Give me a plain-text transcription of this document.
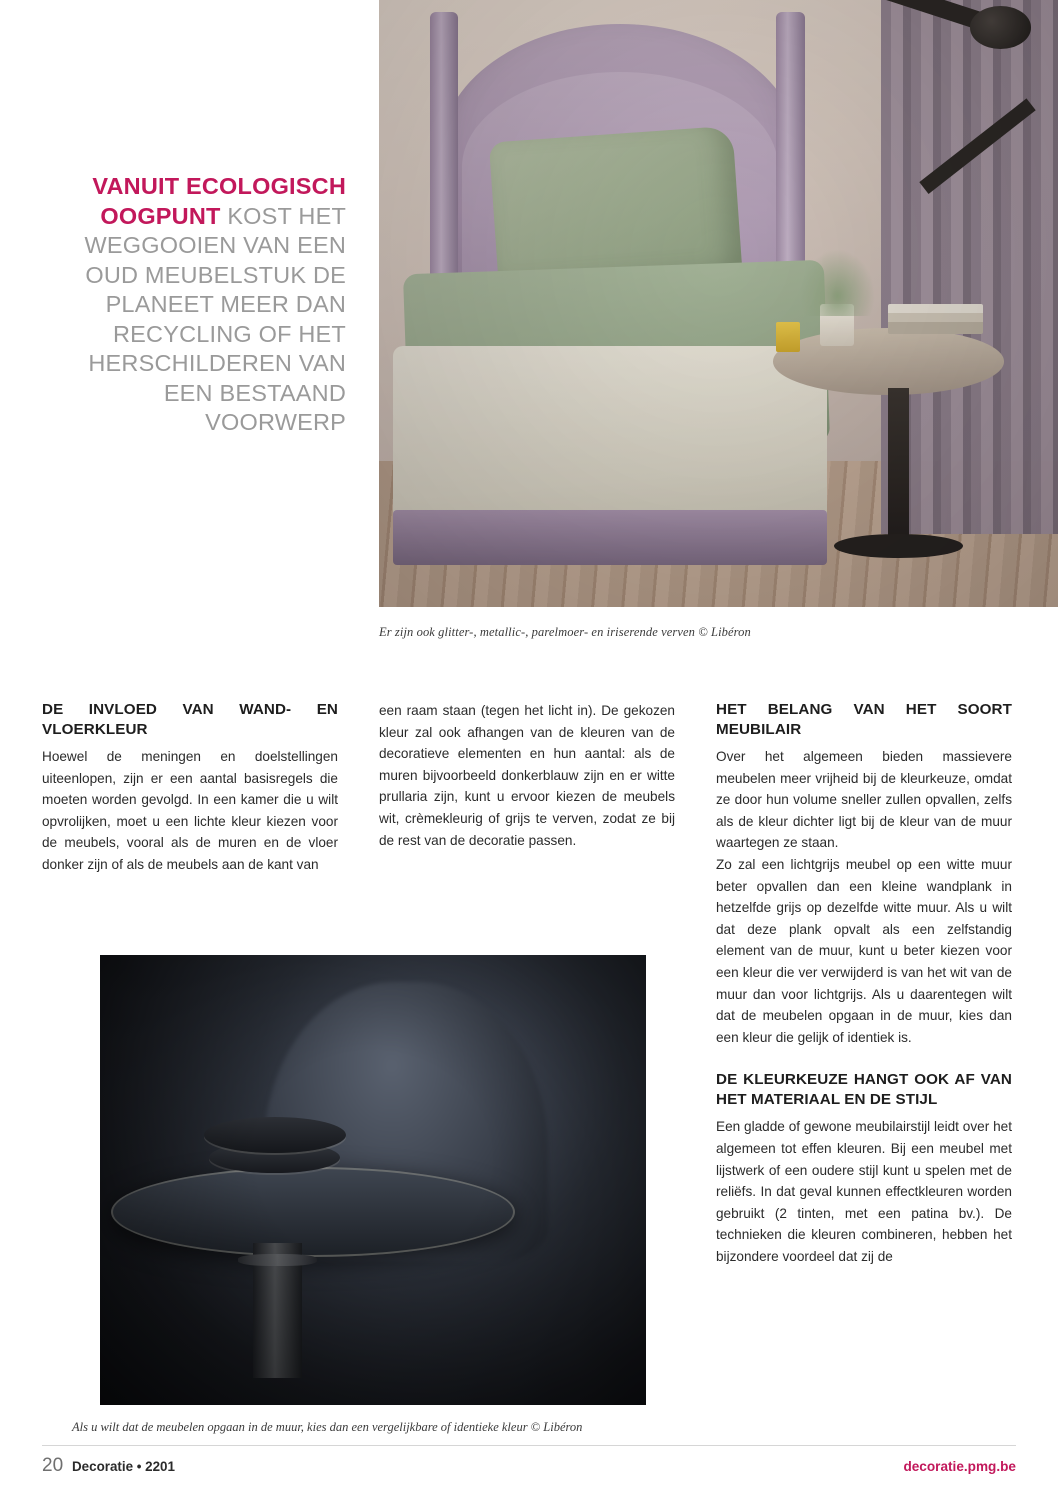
VANUIT ECOLOGISCH OOGPUNT KOST HET WEGGOOIEN VAN EEN OUD MEUBELSTUK DE PLANEET MEER DAN RECYCLING OF HET HERSCHILDEREN VAN EEN BESTAAND VOORWERP
Er zijn ook glitter-, metallic-, parelmoer- en iriserende verven © Libéron
DE INVLOED VAN WAND- EN VLOERKLEUR

Hoewel de meningen en doelstellingen uiteenlopen, zijn er een aantal basisregels die moeten worden gevolgd. In een kamer die u wilt opvrolijken, moet u een lichte kleur kiezen voor de meubels, vooral als de muren en de vloer donker zijn of als de meubels aan de kant van

een raam staan (tegen het licht in). De gekozen kleur zal ook afhangen van de kleuren van de decoratieve elementen en hun aantal: als de muren bijvoorbeeld donkerblauw zijn en er witte prullaria zijn, kunt u ervoor kiezen de meubels wit, crèmekleurig of grijs te verven, zodat ze bij de rest van de decoratie passen.

HET BELANG VAN HET SOORT MEUBILAIR

Over het algemeen bieden massievere meubelen meer vrijheid bij de kleurkeuze, omdat ze door hun volume sneller zullen opvallen, zelfs als de kleur dichter ligt bij de kleur van de muur waartegen ze staan.

Zo zal een lichtgrijs meubel op een witte muur beter opvallen dan een kleine wandplank in hetzelfde grijs op dezelfde witte muur. Als u wilt dat deze plank opvalt als een zelfstandig element van de muur, kunt u beter kiezen voor een kleur die ver verwijderd is van het wit van de muur dan voor lichtgrijs. Als u daarentegen wilt dat de meubelen opgaan in de muur, kies dan een kleur die gelijk of identiek is.

DE KLEURKEUZE HANGT OOK AF VAN HET MATERIAAL EN DE STIJL

Een gladde of gewone meubilairstijl leidt over het algemeen tot effen kleuren. Bij een meubel met lijstwerk of een oudere stijl kunt u spelen met de reliëfs. In dat geval kunnen effectkleuren worden gebruikt (2 tinten, met een patina bv.). De technieken die kleuren combineren, hebben het bijzondere voordeel dat zij de

Als u wilt dat de meubelen opgaan in de muur, kies dan een vergelijkbare of identieke kleur © Libéron
20 Decoratie • 2201	decoratie.pmg.be
